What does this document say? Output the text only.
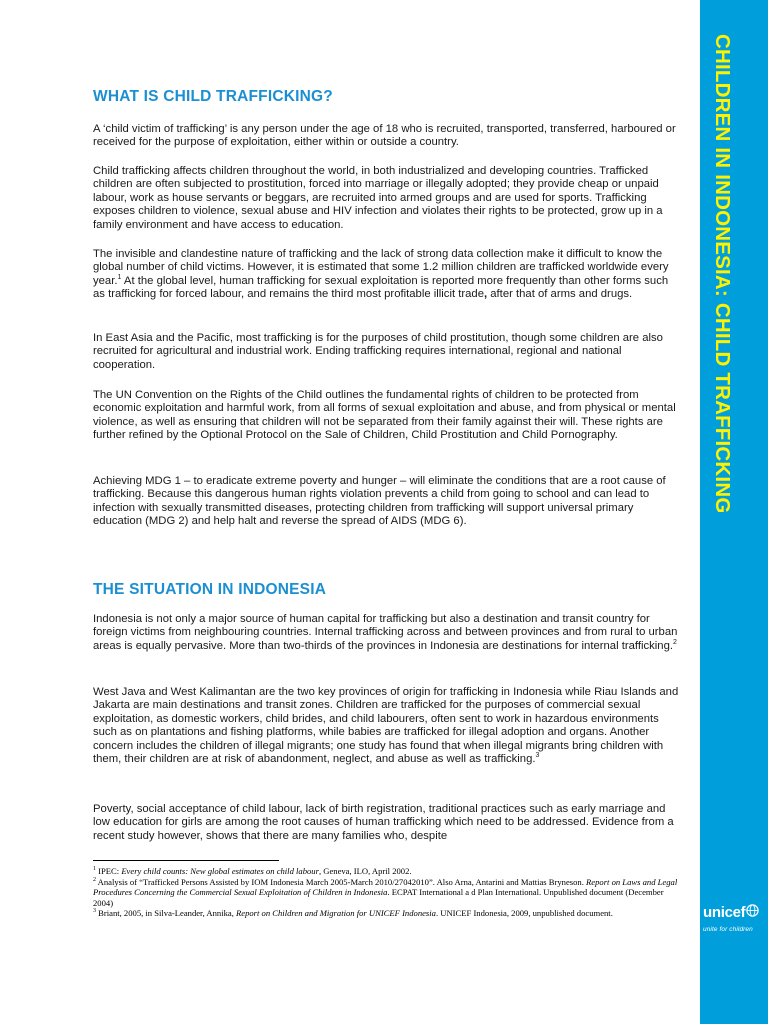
CHILDREN IN INDONESIA: CHILD TRAFFICKING
unicef
unite for children
WHAT IS CHILD TRAFFICKING?

A ‘child victim of trafficking’ is any person under the age of 18 who is recruited, transported, transferred, harboured or received for the purpose of exploitation, either within or outside a country.

Child trafficking affects children throughout the world, in both industrialized and developing countries. Trafficked children are often subjected to prostitution, forced into marriage or illegally adopted; they provide cheap or unpaid labour, work as house servants or beggars, are recruited into armed groups and are used for sports. Trafficking exposes children to violence, sexual abuse and HIV infection and violates their rights to be protected, grow up in a family environment and have access to education.

The invisible and clandestine nature of trafficking and the lack of strong data collection make it difficult to know the global number of child victims. However, it is estimated that some 1.2 million children are trafficked worldwide every year.$^1$ At the global level, human trafficking for sexual exploitation is reported more frequently than other forms such as trafficking for forced labour, and remains the third most profitable illicit trade, after that of arms and drugs.

In East Asia and the Pacific, most trafficking is for the purposes of child prostitution, though some children are also recruited for agricultural and industrial work. Ending trafficking requires international, regional and national cooperation.

The UN Convention on the Rights of the Child outlines the fundamental rights of children to be protected from economic exploitation and harmful work, from all forms of sexual exploitation and abuse, and from physical or mental violence, as well as ensuring that children will not be separated from their family against their will. These rights are further refined by the Optional Protocol on the Sale of Children, Child Prostitution and Child Pornography.

Achieving MDG 1 – to eradicate extreme poverty and hunger – will eliminate the conditions that are a root cause of trafficking. Because this dangerous human rights violation prevents a child from going to school and can lead to infection with sexually transmitted diseases, protecting children from trafficking will support universal primary education (MDG 2) and help halt and reverse the spread of AIDS (MDG 6).

THE SITUATION IN INDONESIA

Indonesia is not only a major source of human capital for trafficking but also a destination and transit country for foreign victims from neighbouring countries. Internal trafficking across and between provinces and from rural to urban areas is equally pervasive. More than two-thirds of the provinces in Indonesia are destinations for internal trafficking.$^2$

West Java and West Kalimantan are the two key provinces of origin for trafficking in Indonesia while Riau Islands and Jakarta are main destinations and transit zones. Children are trafficked for the purposes of commercial sexual exploitation, as domestic workers, child brides, and child labourers, often sent to work in hazardous environments such as on plantations and fishing platforms, while babies are trafficked for illegal adoption and organs. Another concern includes the children of illegal migrants; one study has found that when illegal migrants bring children with them, their children are at risk of abandonment, neglect, and abuse as well as trafficking.$^3$

Poverty, social acceptance of child labour, lack of birth registration, traditional practices such as early marriage and low education for girls are among the root causes of human trafficking which need to be addressed. Evidence from a recent study however, shows that there are many families who, despite

$^1$ IPEC: Every child counts: New global estimates on child labour, Geneva, ILO, April 2002.

$^2$ Analysis of “Trafficked Persons Assisted by IOM Indonesia March 2005-March 2010/27042010”. Also Arna, Antarini and Mattias Bryneson. Report on Laws and Legal Procedures Concerning the Commercial Sexual Exploitation of Children in Indonesia. ECPAT International a d Plan International. Unpublished document (December 2004)

$^3$ Briant, 2005, in Silva-Leander, Annika, Report on Children and Migration for UNICEF Indonesia. UNICEF Indonesia, 2009, unpublished document.
